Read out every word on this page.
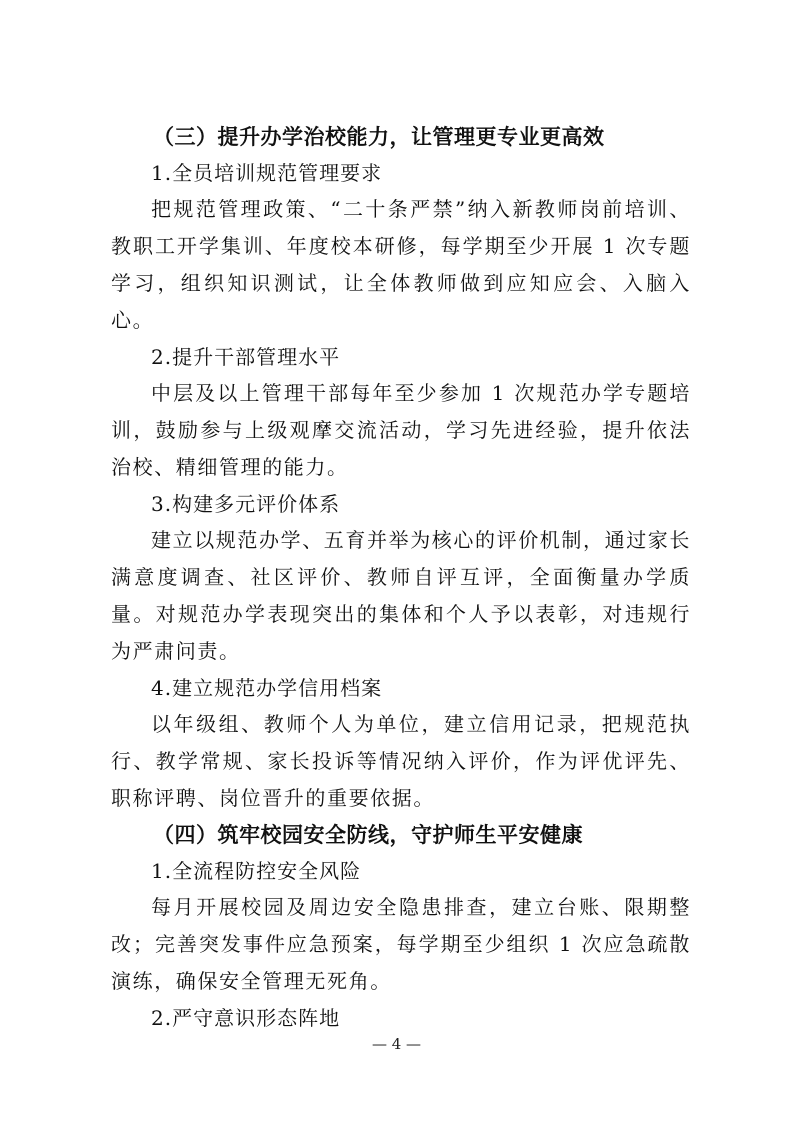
（三）提升办学治校能力，让管理更专业更高效

1.全员培训规范管理要求

把规范管理政策、“二十条严禁”纳入新教师岗前培训、教职工开学集训、年度校本研修，每学期至少开展 1 次专题学习，组织知识测试，让全体教师做到应知应会、入脑入心。

2.提升干部管理水平

中层及以上管理干部每年至少参加 1 次规范办学专题培训，鼓励参与上级观摩交流活动，学习先进经验，提升依法治校、精细管理的能力。

3.构建多元评价体系

建立以规范办学、五育并举为核心的评价机制，通过家长满意度调查、社区评价、教师自评互评，全面衡量办学质量。对规范办学表现突出的集体和个人予以表彰，对违规行为严肃问责。

4.建立规范办学信用档案

以年级组、教师个人为单位，建立信用记录，把规范执行、教学常规、家长投诉等情况纳入评价，作为评优评先、职称评聘、岗位晋升的重要依据。

（四）筑牢校园安全防线，守护师生平安健康

1.全流程防控安全风险

每月开展校园及周边安全隐患排查，建立台账、限期整改；完善突发事件应急预案，每学期至少组织 1 次应急疏散演练，确保安全管理无死角。

2.严守意识形态阵地

— 4 —
